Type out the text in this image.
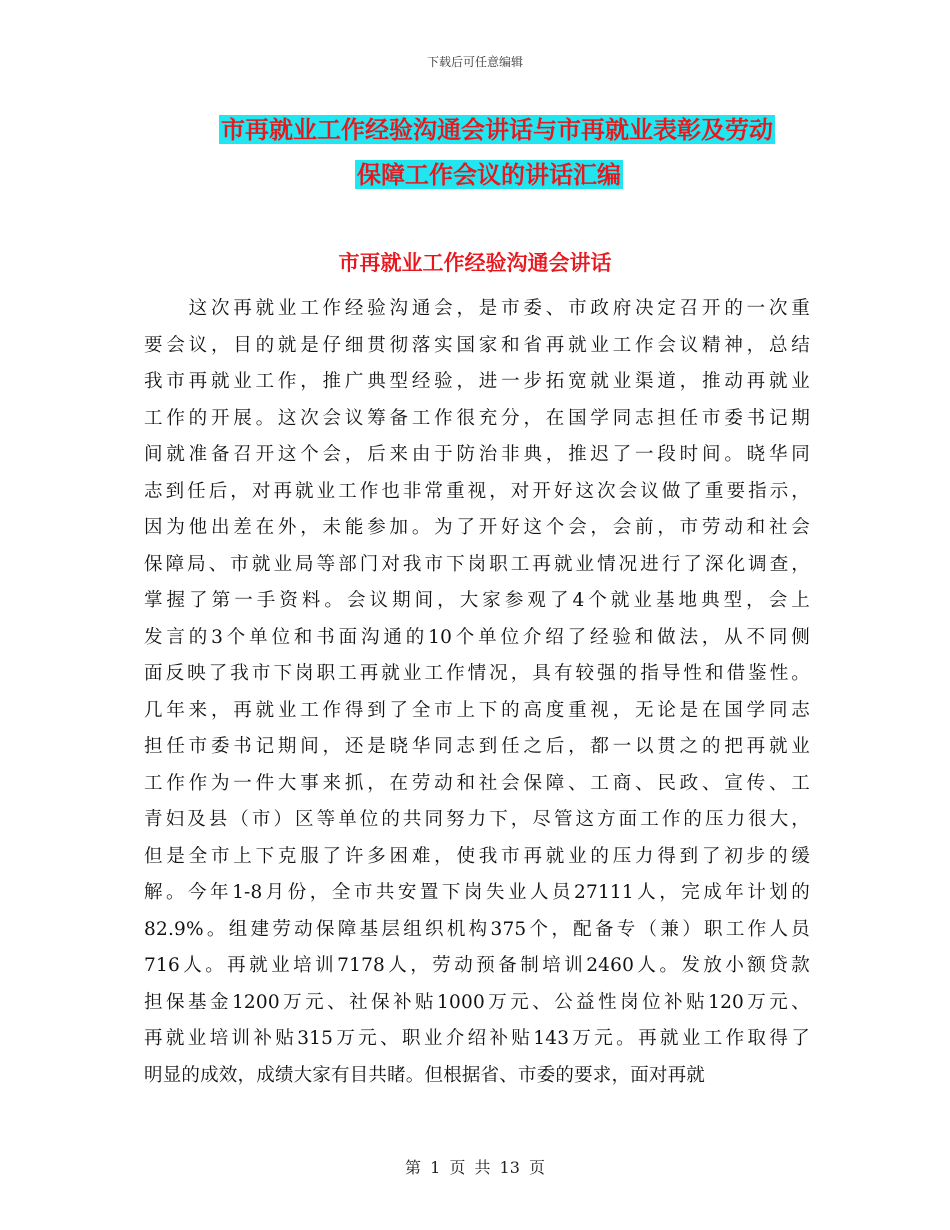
下载后可任意编辑
市再就业工作经验沟通会讲话与市再就业表彰及劳动
保障工作会议的讲话汇编
市再就业工作经验沟通会讲话
　　这次再就业工作经验沟通会，是市委、市政府决定召开的一次重
要会议，目的就是仔细贯彻落实国家和省再就业工作会议精神，总结
我市再就业工作，推广典型经验，进一步拓宽就业渠道，推动再就业
工作的开展。这次会议筹备工作很充分，在国学同志担任市委书记期
间就准备召开这个会，后来由于防治非典，推迟了一段时间。晓华同
志到任后，对再就业工作也非常重视，对开好这次会议做了重要指示，
因为他出差在外，未能参加。为了开好这个会，会前，市劳动和社会
保障局、市就业局等部门对我市下岗职工再就业情况进行了深化调查，
掌握了第一手资料。会议期间，大家参观了4个就业基地典型，会上
发言的3个单位和书面沟通的10个单位介绍了经验和做法，从不同侧
面反映了我市下岗职工再就业工作情况，具有较强的指导性和借鉴性。
几年来，再就业工作得到了全市上下的高度重视，无论是在国学同志
担任市委书记期间，还是晓华同志到任之后，都一以贯之的把再就业
工作作为一件大事来抓，在劳动和社会保障、工商、民政、宣传、工
青妇及县（市）区等单位的共同努力下，尽管这方面工作的压力很大，
但是全市上下克服了许多困难，使我市再就业的压力得到了初步的缓
解。今年1-8月份，全市共安置下岗失业人员27111人，完成年计划的
82.9%。组建劳动保障基层组织机构375个，配备专（兼）职工作人员
716人。再就业培训7178人，劳动预备制培训2460人。发放小额贷款
担保基金1200万元、社保补贴1000万元、公益性岗位补贴120万元、
再就业培训补贴315万元、职业介绍补贴143万元。再就业工作取得了
明显的成效，成绩大家有目共睹。但根据省、市委的要求，面对再就
第 1 页 共 13 页
